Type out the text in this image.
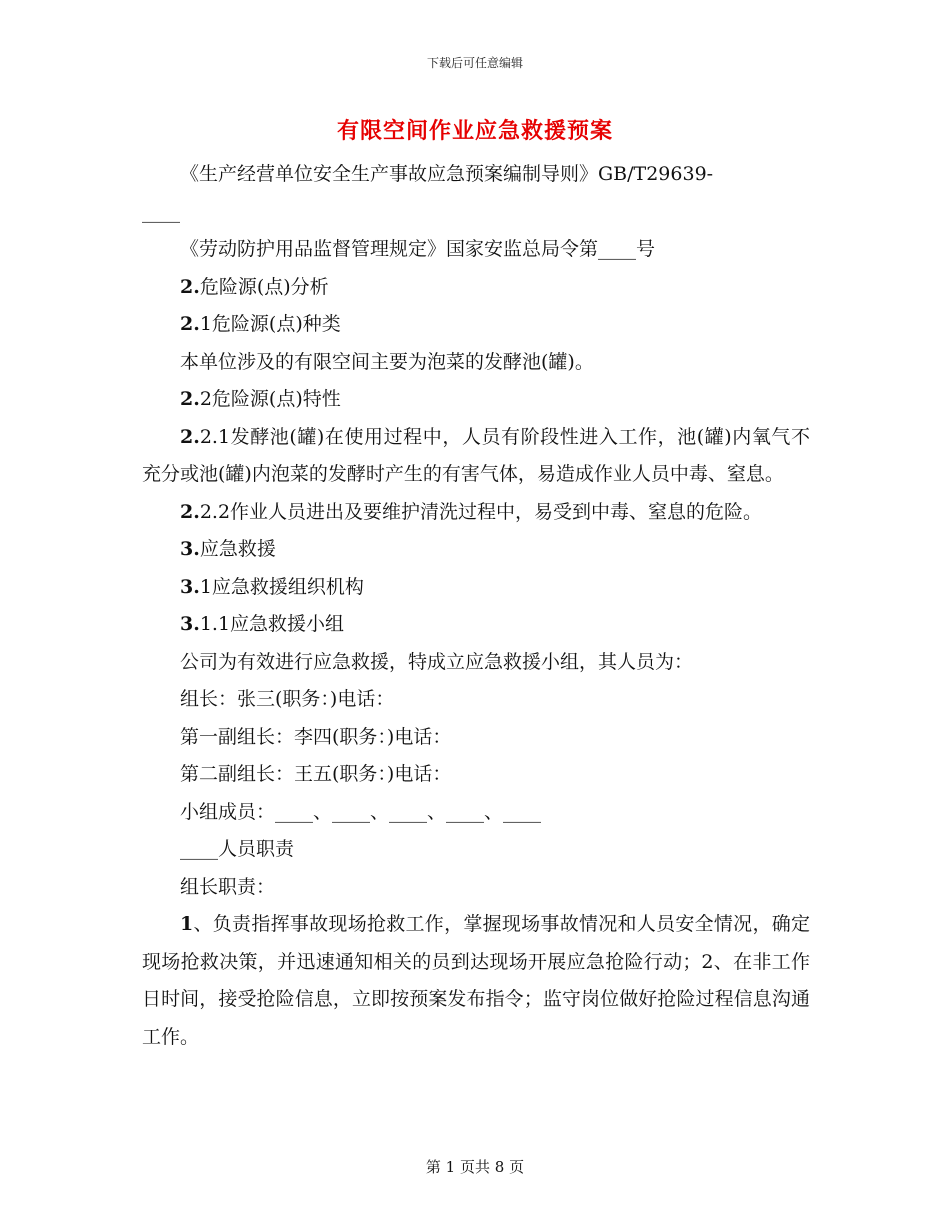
下载后可任意编辑
有限空间作业应急救援预案

《生产经营单位安全生产事故应急预案编制导则》GB/T29639-

____

《劳动防护用品监督管理规定》国家安监总局令第____号

2.危险源(点)分析

2.1危险源(点)种类

本单位涉及的有限空间主要为泡菜的发酵池(罐)。

2.2危险源(点)特性

2.2.1发酵池(罐)在使用过程中，人员有阶段性进入工作，池(罐)内氧气不充分或池(罐)内泡菜的发酵时产生的有害气体，易造成作业人员中毒、窒息。

2.2.2作业人员进出及要维护清洗过程中，易受到中毒、窒息的危险。

3.应急救援

3.1应急救援组织机构

3.1.1应急救援小组

公司为有效进行应急救援，特成立应急救援小组，其人员为：

组长：张三(职务：)电话：

第一副组长：李四(职务：)电话：

第二副组长：王五(职务：)电话：

小组成员：____、____、____、____、____

____人员职责

组长职责：

1、负责指挥事故现场抢救工作，掌握现场事故情况和人员安全情况，确定现场抢救决策，并迅速通知相关的员到达现场开展应急抢险行动；2、在非工作日时间，接受抢险信息，立即按预案发布指令；监守岗位做好抢险过程信息沟通工作。

第 1 页共 8 页
